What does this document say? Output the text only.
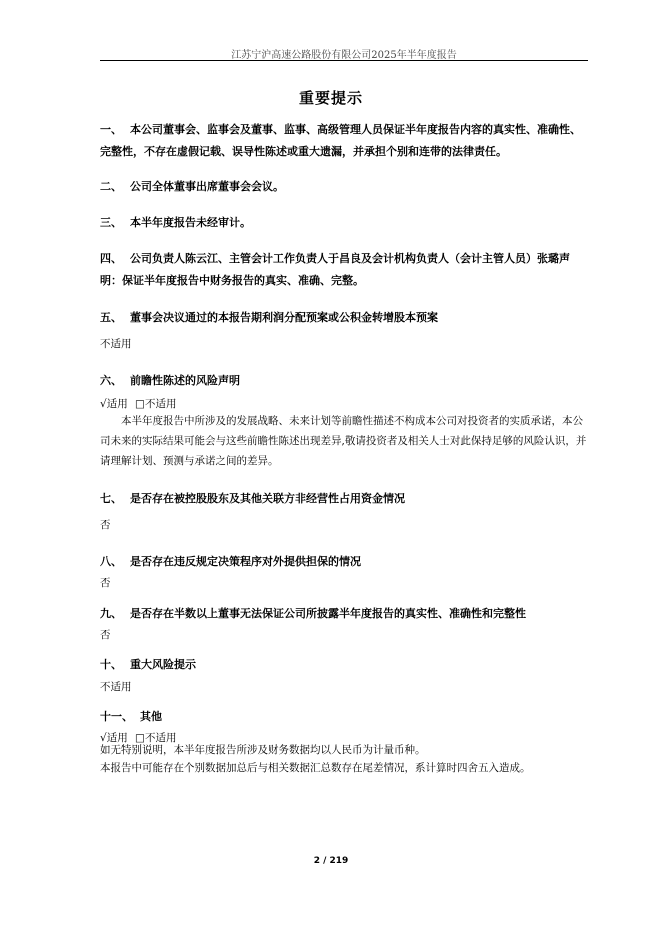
江苏宁沪高速公路股份有限公司2025年半年度报告
重要提示
一、 本公司董事会、监事会及董事、监事、高级管理人员保证半年度报告内容的真实性、准确性、完整性，不存在虚假记载、误导性陈述或重大遗漏，并承担个别和连带的法律责任。
二、 公司全体董事出席董事会会议。
三、 本半年度报告未经审计。
四、 公司负责人陈云江、主管会计工作负责人于昌良及会计机构负责人（会计主管人员）张璐声明：保证半年度报告中财务报告的真实、准确、完整。
五、 董事会决议通过的本报告期利润分配预案或公积金转增股本预案
不适用
六、 前瞻性陈述的风险声明
√适用 □不适用
本半年度报告中所涉及的发展战略、未来计划等前瞻性描述不构成本公司对投资者的实质承诺，本公司未来的实际结果可能会与这些前瞻性陈述出现差异,敬请投资者及相关人士对此保持足够的风险认识，并请理解计划、预测与承诺之间的差异。
七、 是否存在被控股股东及其他关联方非经营性占用资金情况
否
八、 是否存在违反规定决策程序对外提供担保的情况
否
九、 是否存在半数以上董事无法保证公司所披露半年度报告的真实性、准确性和完整性
否
十、 重大风险提示
不适用
十一、 其他
√适用 □不适用
如无特别说明，本半年度报告所涉及财务数据均以人民币为计量币种。
本报告中可能存在个别数据加总后与相关数据汇总数存在尾差情况，系计算时四舍五入造成。
2 / 219
